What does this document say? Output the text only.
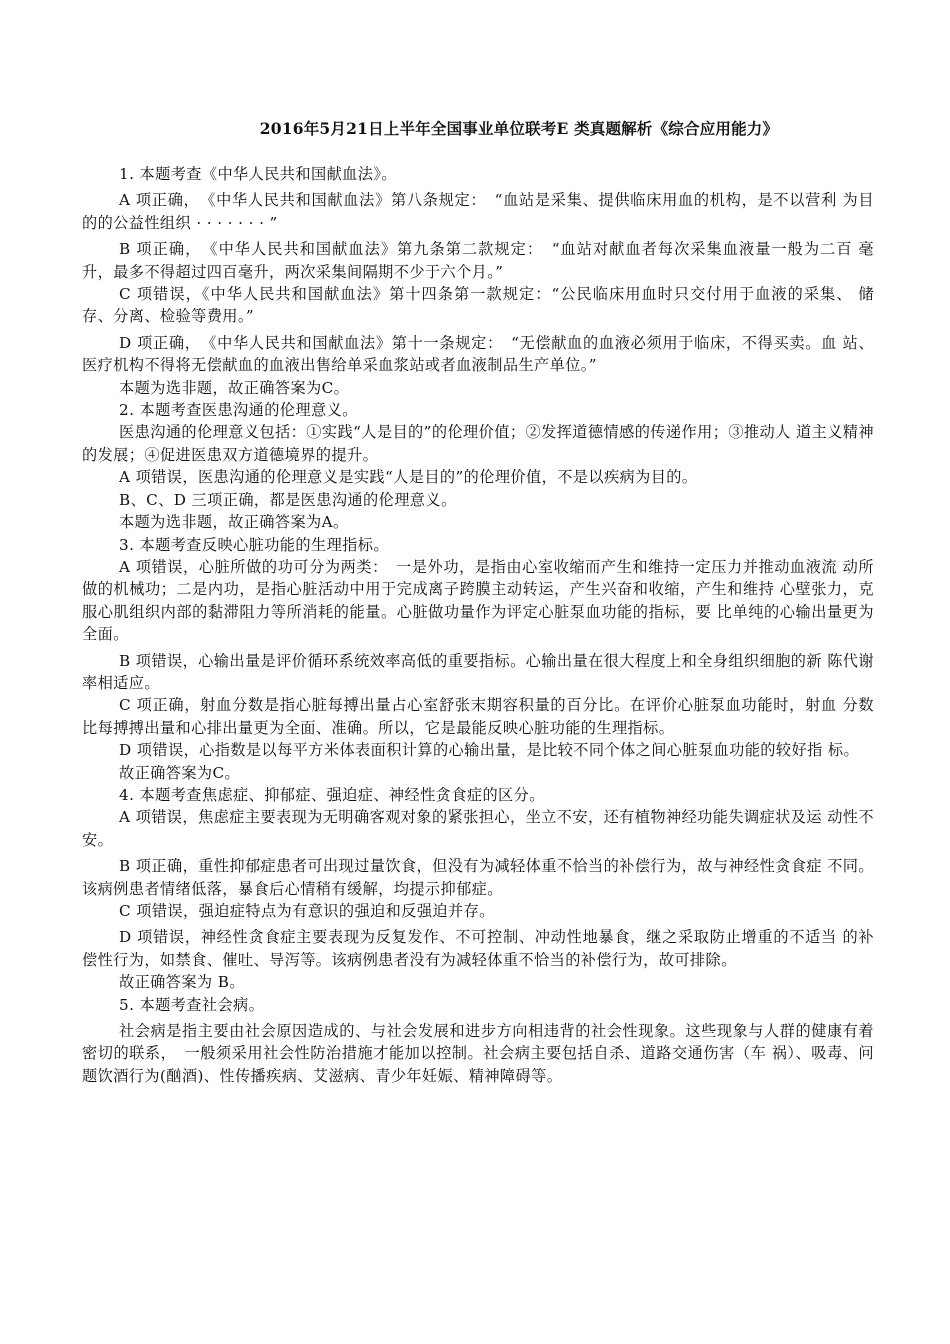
2016年5月21日上半年全国事业单位联考E 类真题解析《综合应用能力》

1. 本题考查《中华人民共和国献血法》。

A 项正确，　《中华人民共和国献血法》第八条规定：　“血站是采集、提供临床用血的机构，是不以营利 为目的的公益性组织 · · · · · · · ”

B 项正确，　《中华人民共和国献血法》第九条第二款规定：　“血站对献血者每次采集血液量一般为二百 毫升，最多不得超过四百毫升，两次采集间隔期不少于六个月。”

C 项错误，《中华人民共和国献血法》第十四条第一款规定：“公民临床用血时只交付用于血液的采集、 储存、分离、检验等费用。”

D 项正确，　《中华人民共和国献血法》第十一条规定：　“无偿献血的血液必须用于临床，不得买卖。血 站、医疗机构不得将无偿献血的血液出售给单采血浆站或者血液制品生产单位。”

本题为选非题，故正确答案为C。

2. 本题考查医患沟通的伦理意义。

医患沟通的伦理意义包括：①实践“人是目的”的伦理价值；②发挥道德情感的传递作用；③推动人 道主义精神的发展；④促进医患双方道德境界的提升。

A 项错误，医患沟通的伦理意义是实践“人是目的”的伦理价值，不是以疾病为目的。

B、C、D 三项正确，都是医患沟通的伦理意义。

本题为选非题，故正确答案为A。

3. 本题考查反映心脏功能的生理指标。

A 项错误，心脏所做的功可分为两类：　一是外功，是指由心室收缩而产生和维持一定压力并推动血液流 动所做的机械功；二是内功，是指心脏活动中用于完成离子跨膜主动转运，产生兴奋和收缩，产生和维持 心壁张力，克服心肌组织内部的黏滞阻力等所消耗的能量。心脏做功量作为评定心脏泵血功能的指标，要 比单纯的心输出量更为全面。

B 项错误，心输出量是评价循环系统效率高低的重要指标。心输出量在很大程度上和全身组织细胞的新 陈代谢率相适应。

C 项正确，射血分数是指心脏每搏出量占心室舒张末期容积量的百分比。在评价心脏泵血功能时，射血 分数比每搏搏出量和心排出量更为全面、准确。所以，它是最能反映心脏功能的生理指标。

D 项错误，心指数是以每平方米体表面积计算的心输出量，是比较不同个体之间心脏泵血功能的较好指 标。

故正确答案为C。

4. 本题考查焦虑症、抑郁症、强迫症、神经性贪食症的区分。

A 项错误，焦虑症主要表现为无明确客观对象的紧张担心，坐立不安，还有植物神经功能失调症状及运 动性不安。

B 项正确，重性抑郁症患者可出现过量饮食，但没有为减轻体重不恰当的补偿行为，故与神经性贪食症 不同。该病例患者情绪低落，暴食后心情稍有缓解，均提示抑郁症。

C 项错误，强迫症特点为有意识的强迫和反强迫并存。

D 项错误，神经性贪食症主要表现为反复发作、不可控制、冲动性地暴食，继之采取防止增重的不适当 的补偿性行为，如禁食、催吐、导泻等。该病例患者没有为减轻体重不恰当的补偿行为，故可排除。

故正确答案为 B。

5. 本题考查社会病。

社会病是指主要由社会原因造成的、与社会发展和进步方向相违背的社会性现象。这些现象与人群的健康有着密切的联系，　一般须采用社会性防治措施才能加以控制。社会病主要包括自杀、道路交通伤害（车 祸）、吸毒、问题饮酒行为(酗酒)、性传播疾病、艾滋病、青少年妊娠、精神障碍等。
